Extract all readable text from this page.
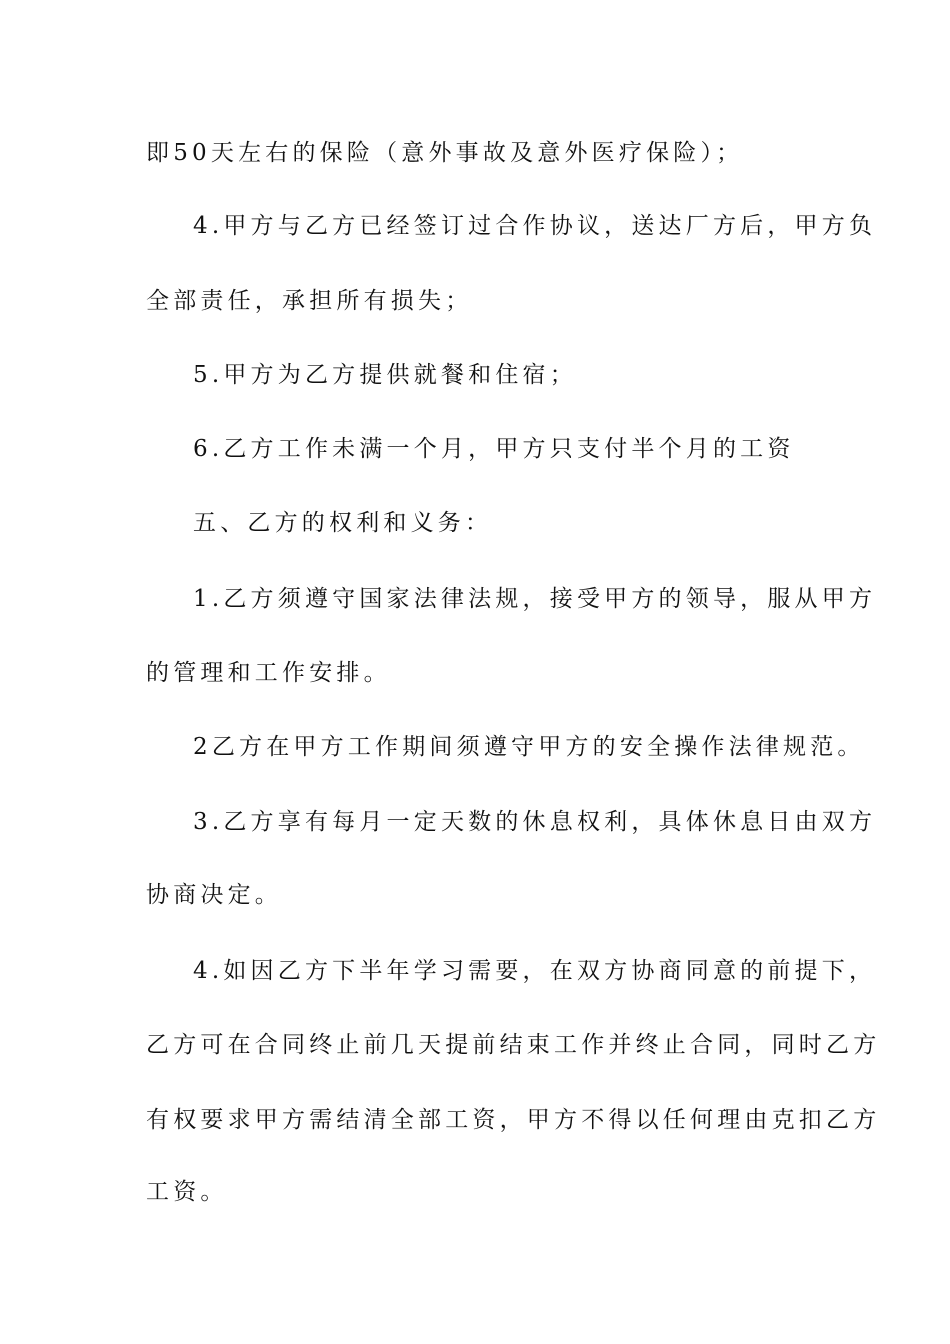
即50天左右的保险（意外事故及意外医疗保险）；
4.甲方与乙方已经签订过合作协议，送达厂方后，甲方负
全部责任，承担所有损失；
5.甲方为乙方提供就餐和住宿；
6.乙方工作未满一个月，甲方只支付半个月的工资
五、乙方的权利和义务：
1.乙方须遵守国家法律法规，接受甲方的领导，服从甲方
的管理和工作安排。
2乙方在甲方工作期间须遵守甲方的安全操作法律规范。
3.乙方享有每月一定天数的休息权利，具体休息日由双方
协商决定。
4.如因乙方下半年学习需要，在双方协商同意的前提下，
乙方可在合同终止前几天提前结束工作并终止合同，同时乙方
有权要求甲方需结清全部工资，甲方不得以任何理由克扣乙方
工资。
